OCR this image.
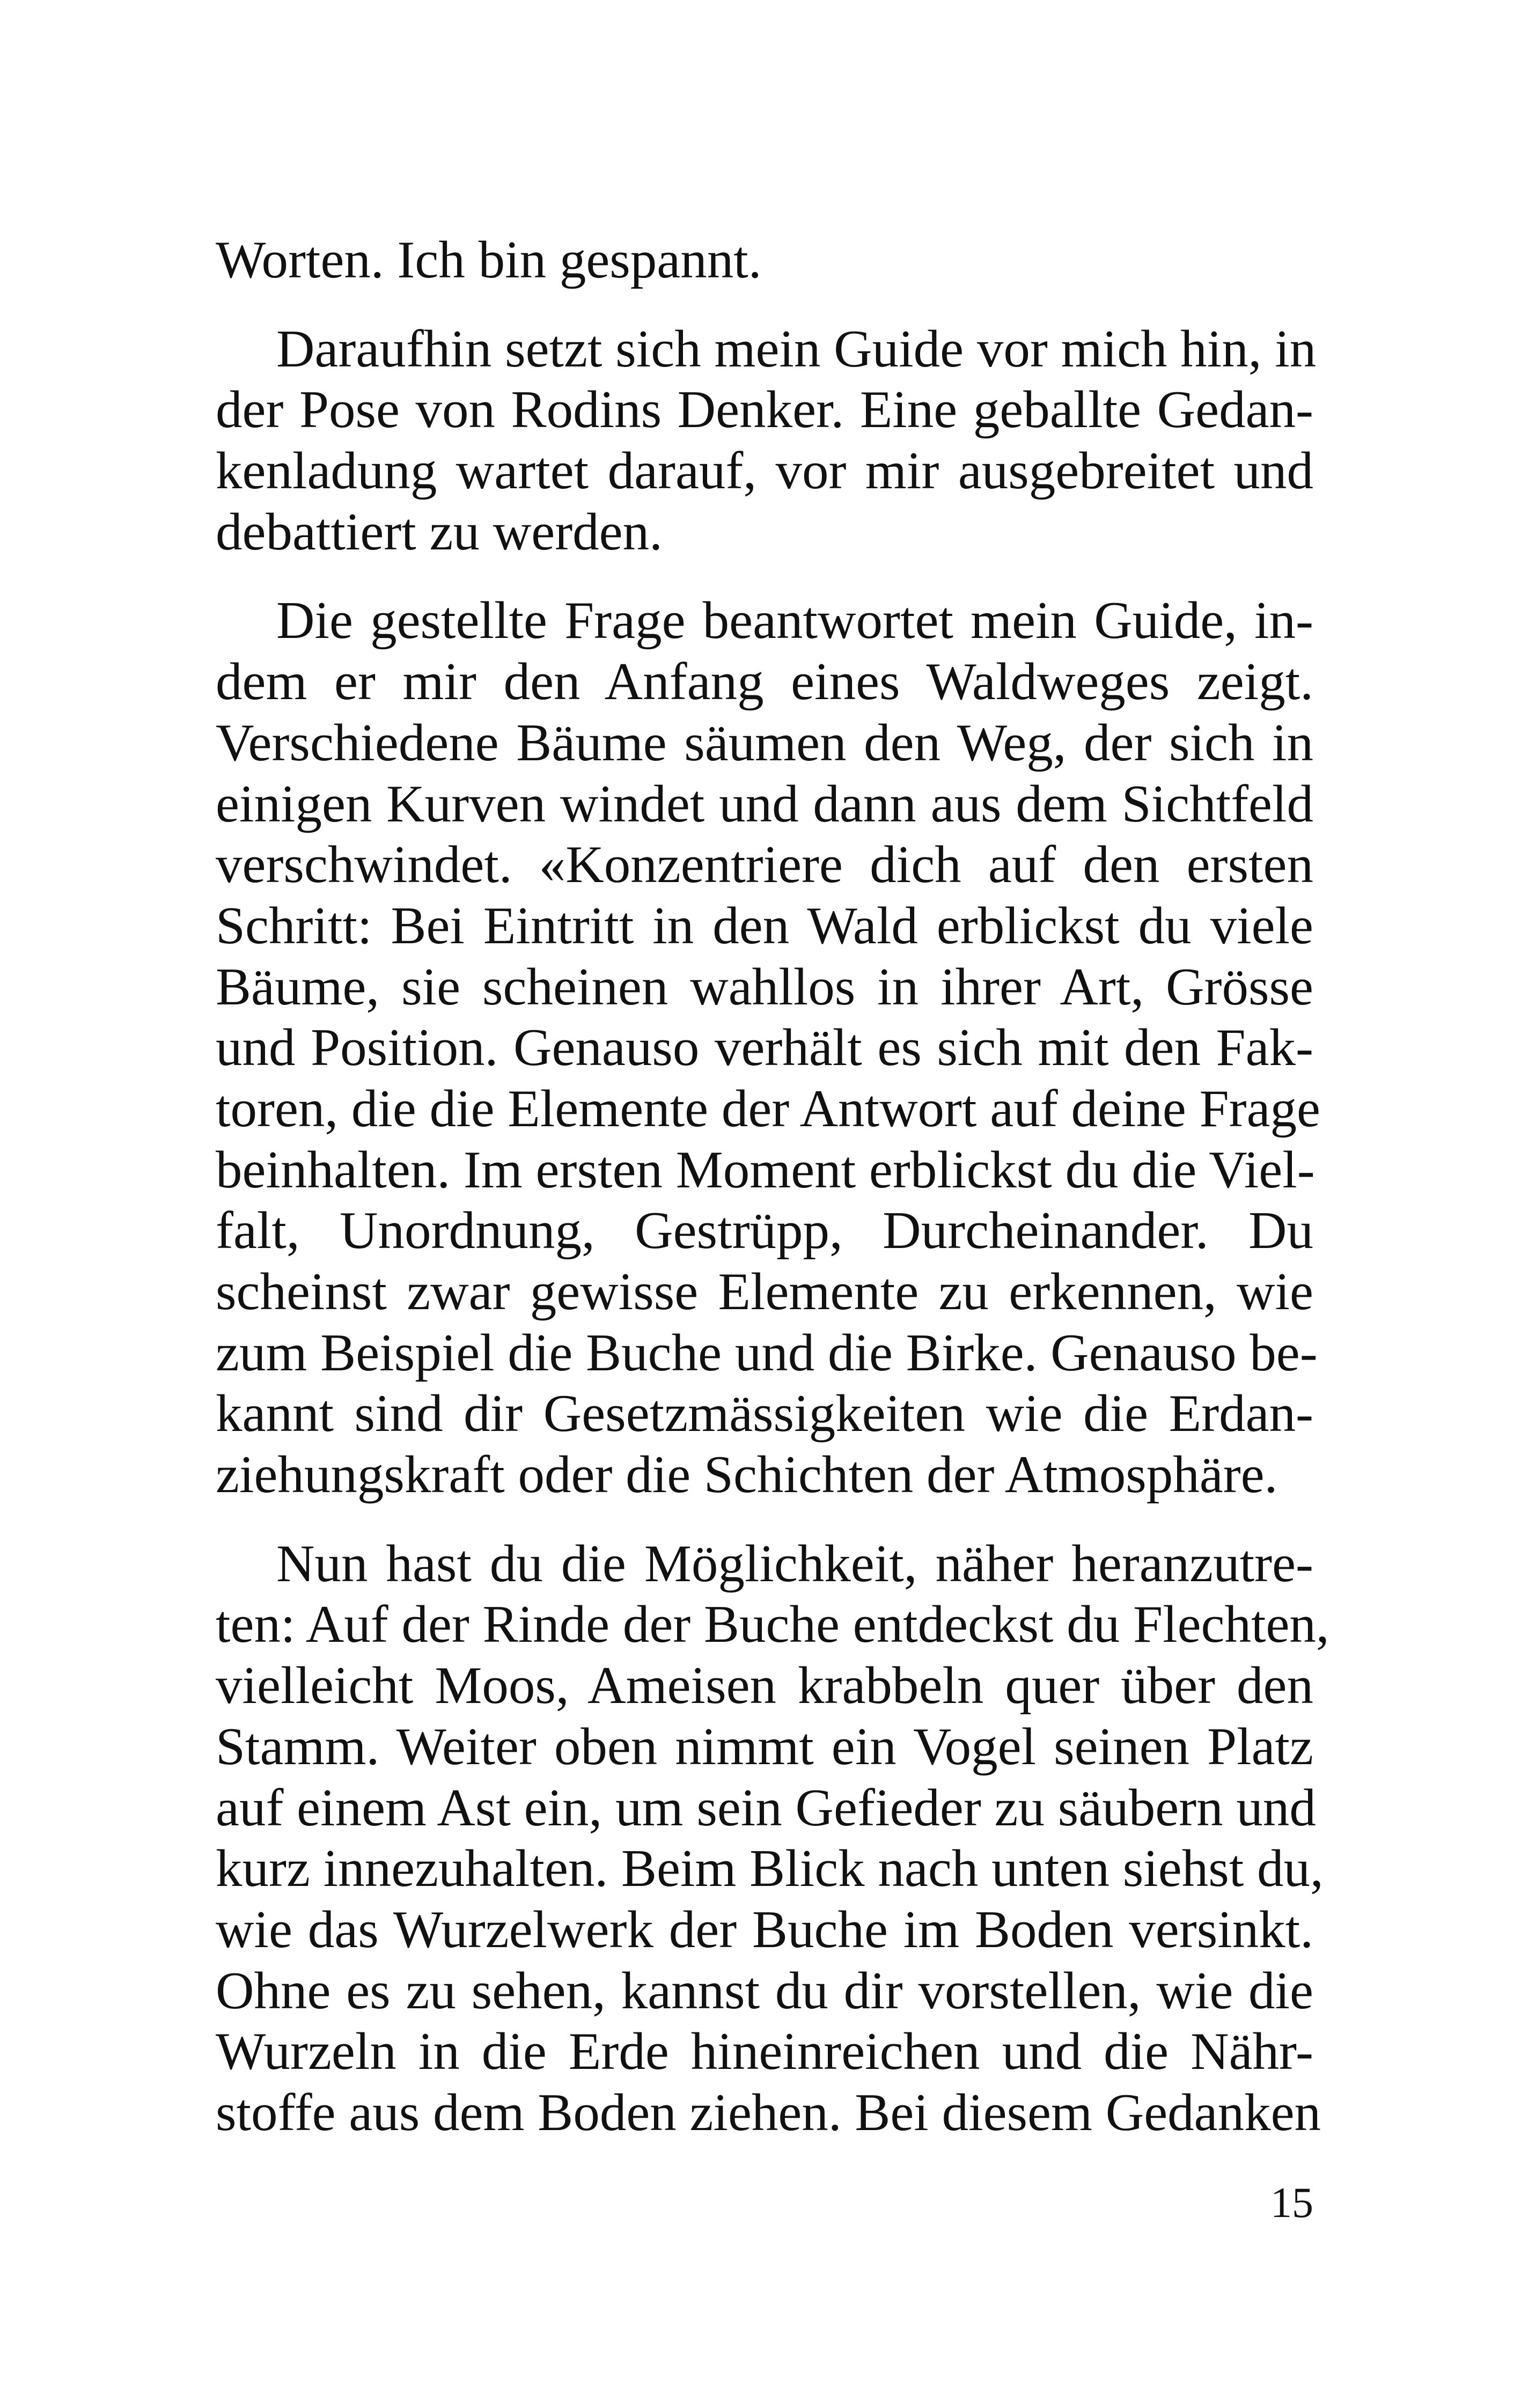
Worten. Ich bin gespannt.
Daraufhin setzt sich mein Guide vor mich hin, in
der Pose von Rodins Denker. Eine geballte Gedan-
kenladung wartet darauf, vor mir ausgebreitet und
debattiert zu werden.
Die gestellte Frage beantwortet mein Guide, in-
dem er mir den Anfang eines Waldweges zeigt.
Verschiedene Bäume säumen den Weg, der sich in
einigen Kurven windet und dann aus dem Sichtfeld
verschwindet. «Konzentriere dich auf den ersten
Schritt: Bei Eintritt in den Wald erblickst du viele
Bäume, sie scheinen wahllos in ihrer Art, Grösse
und Position. Genauso verhält es sich mit den Fak-
toren, die die Elemente der Antwort auf deine Frage
beinhalten. Im ersten Moment erblickst du die Viel-
falt, Unordnung, Gestrüpp, Durcheinander. Du
scheinst zwar gewisse Elemente zu erkennen, wie
zum Beispiel die Buche und die Birke. Genauso be-
kannt sind dir Gesetzmässigkeiten wie die Erdan-
ziehungskraft oder die Schichten der Atmosphäre.
Nun hast du die Möglichkeit, näher heranzutre-
ten: Auf der Rinde der Buche entdeckst du Flechten,
vielleicht Moos, Ameisen krabbeln quer über den
Stamm. Weiter oben nimmt ein Vogel seinen Platz
auf einem Ast ein, um sein Gefieder zu säubern und
kurz innezuhalten. Beim Blick nach unten siehst du,
wie das Wurzelwerk der Buche im Boden versinkt.
Ohne es zu sehen, kannst du dir vorstellen, wie die
Wurzeln in die Erde hineinreichen und die Nähr-
stoffe aus dem Boden ziehen. Bei diesem Gedanken
15
